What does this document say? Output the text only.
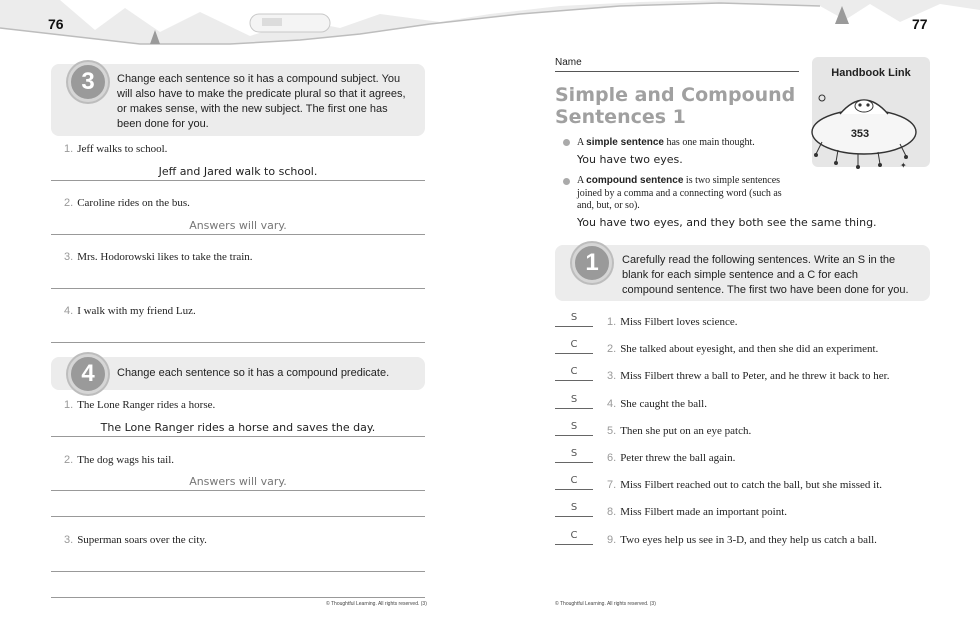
76	77
3	Change each sentence so it has a compound subject. You will also have to make the predicate plural so that it agrees, or makes sense, with the new subject. The first one has been done for you.
1. Jeff walks to school.
Jeff and Jared walk to school.
2. Caroline rides on the bus.
Answers will vary.
3. Mrs. Hodorowski likes to take the train.
4. I walk with my friend Luz.
4	Change each sentence so it has a compound predicate.
1. The Lone Ranger rides a horse.
The Lone Ranger rides a horse and saves the day.
2. The dog wags his tail.
Answers will vary.
3. Superman soars over the city.
© Thoughtful Learning. All rights reserved. (3)
Name
Simple and Compound
Sentences 1
Handbook Link
✦
353
A simple sentence has one main thought.
You have two eyes.
A compound sentence is two simple sentences joined by a comma and a connecting word (such as and, but, or so).
You have two eyes, and they both see the same thing.
1	Carefully read the following sentences. Write an S in the blank for each simple sentence and a C for each compound sentence. The first two have been done for you.
S	1. Miss Filbert loves science.
C	2. She talked about eyesight, and then she did an experiment.
C	3. Miss Filbert threw a ball to Peter, and he threw it back to her.
S	4. She caught the ball.
S	5. Then she put on an eye patch.
S	6. Peter threw the ball again.
C	7. Miss Filbert reached out to catch the ball, but she missed it.
S	8. Miss Filbert made an important point.
C	9. Two eyes help us see in 3-D, and they help us catch a ball.
© Thoughtful Learning. All rights reserved. (3)
